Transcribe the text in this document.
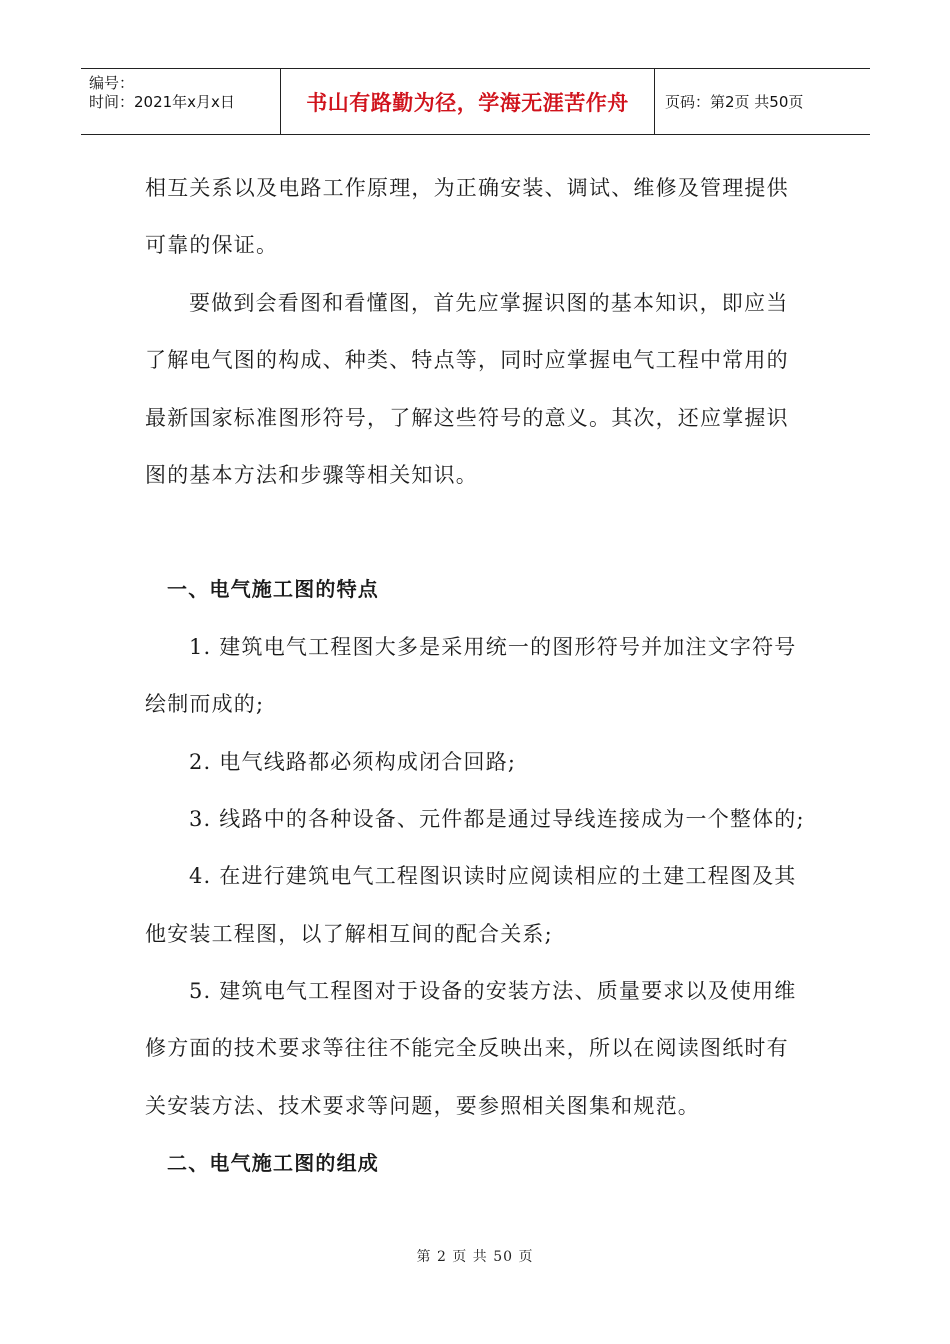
编号：
时间：2021年x月x日	书山有路勤为径，学海无涯苦作舟 页码：第2页 共50页
相互关系以及电路工作原理，为正确安装、调试、维修及管理提供
可靠的保证。
要做到会看图和看懂图，首先应掌握识图的基本知识，即应当
了解电气图的构成、种类、特点等，同时应掌握电气工程中常用的
最新国家标准图形符号，了解这些符号的意义。其次，还应掌握识
图的基本方法和步骤等相关知识。
一、电气施工图的特点
1. 建筑电气工程图大多是采用统一的图形符号并加注文字符号
绘制而成的;
2. 电气线路都必须构成闭合回路;
3. 线路中的各种设备、元件都是通过导线连接成为一个整体的;
4. 在进行建筑电气工程图识读时应阅读相应的土建工程图及其
他安装工程图，以了解相互间的配合关系;
5. 建筑电气工程图对于设备的安装方法、质量要求以及使用维
修方面的技术要求等往往不能完全反映出来，所以在阅读图纸时有
关安装方法、技术要求等问题，要参照相关图集和规范。
二、电气施工图的组成
第 2 页 共 50 页
